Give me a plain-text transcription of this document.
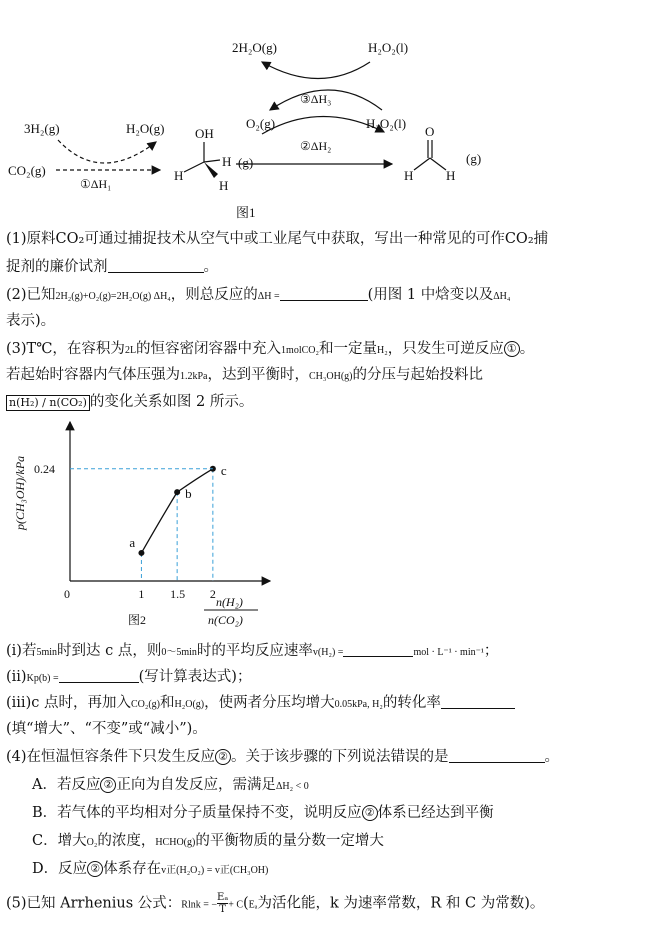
2H₂O(g)	H₂O₂(l)
③ΔH₃
O₂(g)	H₂O₂(l)
②ΔH₂
3H₂(g)	H₂O(g)
CO₂(g)
①ΔH₁
OH
H
H
H
(g)
O
H	H
(g)
图1
(1)原料CO₂可通过捕捉技术从空气中或工业尾气中获取，写出一种常见的可作CO₂捕
捉剂的廉价试剂	。
(2)已知2H₂(g)+O₂(g)=2H₂O(g) ΔH₄，则总反应的ΔH =	(用图 1 中焓变以及ΔH₄
表示)。
(3)T℃，在容积为2L的恒容密闭容器中充入1molCO₂和一定量H₂，只发生可逆反应 ① 。
若起始时容器内气体压强为1.2kPa，达到平衡时，CH₃OH(g)的分压与起始投料比
n(H₂) / n(CO₂) 的变化关系如图 2 所示。
p(CH₃OH)/kPa
0
a
b
c
1 1.5 2
0.24
n(H₂)
n(CO₂)
图2
(i)若5min时到达 c 点，则0～5min时的平均反应速率v(H₂) =	mol · L⁻¹ · min⁻¹；
(ii)Kp(b) =	(写计算表达式)；
(iii)c 点时，再加入CO₂(g)和H₂O(g)，使两者分压均增大0.05kPa, H₂的转化率
(填“增大”、“不变”或“减小”)。
(4)在恒温恒容条件下只发生反应 ② 。关于该步骤的下列说法错误的是	。
A．若反应 ② 正向为自发反应，需满足ΔH₂ < 0
B．若气体的平均相对分子质量保持不变，说明反应 ② 体系已经达到平衡
C．增大O₂的浓度，HCHO(g)的平衡物质的量分数一定增大
D．反应 ② 体系存在v正(H₂O₂) = v正(CH₃OH)
(5)已知 Arrhenius 公式：Rlnk = − $\frac{\text{Eₐ}}{T} + C(E_a$为活化能，k 为速率常数，R 和 C 为常数)。
